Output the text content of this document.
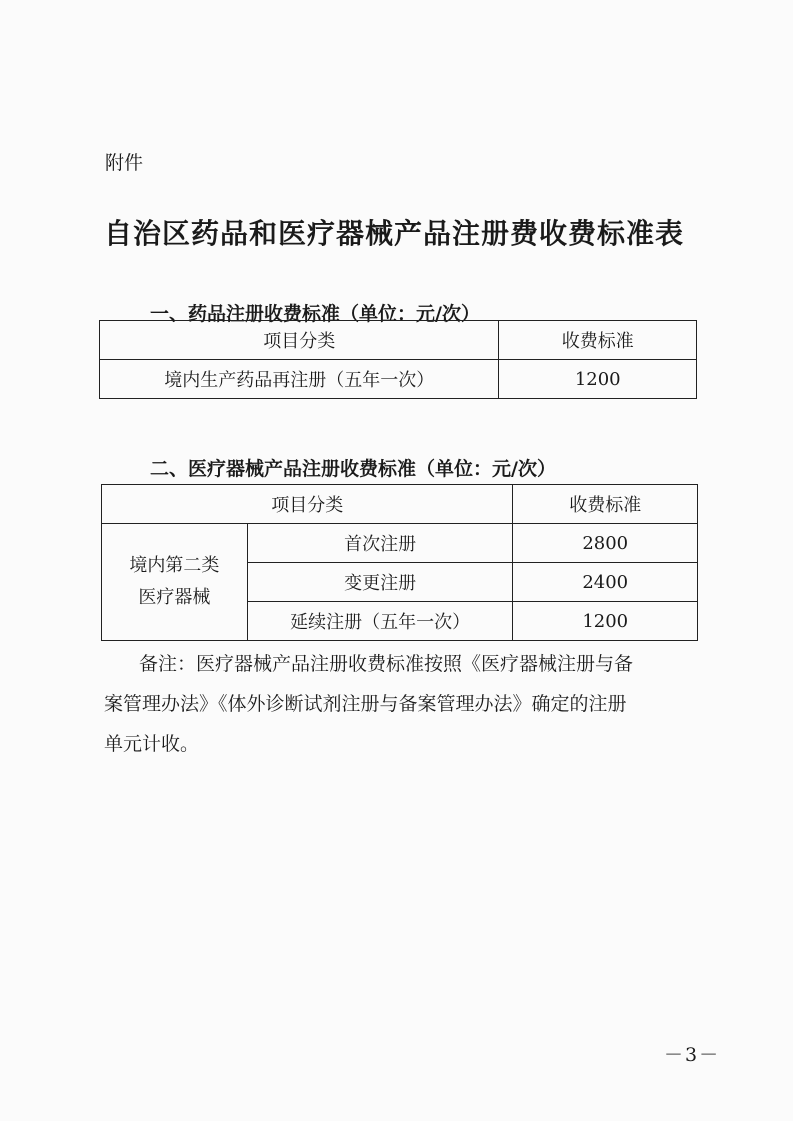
附件
自治区药品和医疗器械产品注册费收费标准表
一、药品注册收费标准（单位：元/次）
项目分类	收费标准
境内生产药品再注册（五年一次）	1200
二、医疗器械产品注册收费标准（单位：元/次）
项目分类		收费标准

境内第二类
医疗器械	首次注册	2800
	变更注册	2400
	延续注册（五年一次）	1200
备注：医疗器械产品注册收费标准按照《医疗器械注册与备
案管理办法》《体外诊断试剂注册与备案管理办法》确定的注册
单元计收。
－3－
